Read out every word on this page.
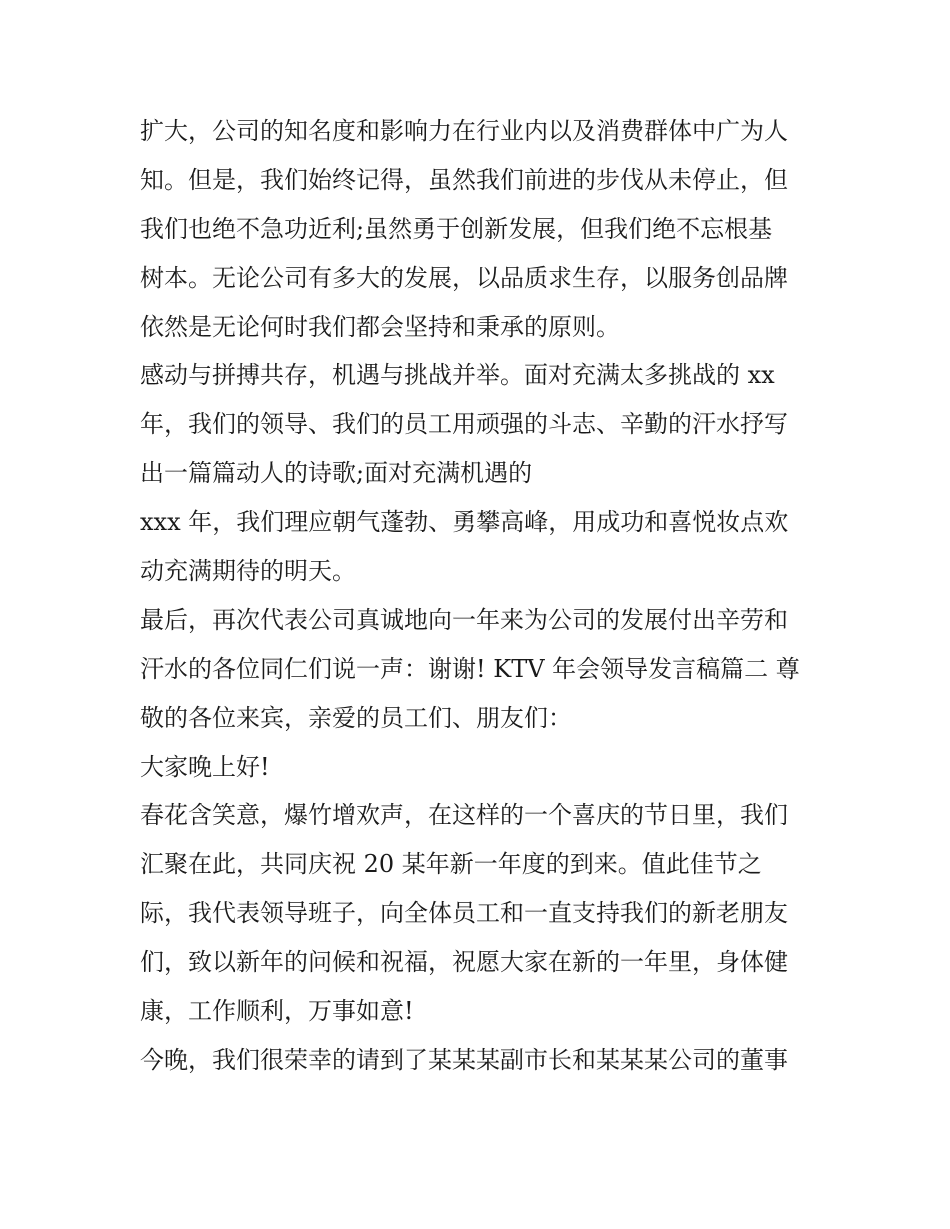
扩大，公司的知名度和影响力在行业内以及消费群体中广为人
知。但是，我们始终记得，虽然我们前进的步伐从未停止，但
我们也绝不急功近利;虽然勇于创新发展，但我们绝不忘根基
树本。无论公司有多大的发展，以品质求生存，以服务创品牌
依然是无论何时我们都会坚持和秉承的原则。
感动与拼搏共存，机遇与挑战并举。面对充满太多挑战的 xx
年，我们的领导、我们的员工用顽强的斗志、辛勤的汗水抒写
出一篇篇动人的诗歌;面对充满机遇的
xxx 年，我们理应朝气蓬勃、勇攀高峰，用成功和喜悦妆点欢
动充满期待的明天。
最后，再次代表公司真诚地向一年来为公司的发展付出辛劳和
汗水的各位同仁们说一声：谢谢! KTV 年会领导发言稿篇二 尊
敬的各位来宾，亲爱的员工们、朋友们：
大家晚上好!
春花含笑意，爆竹增欢声，在这样的一个喜庆的节日里，我们
汇聚在此，共同庆祝 20 某年新一年度的到来。值此佳节之
际，我代表领导班子，向全体员工和一直支持我们的新老朋友
们，致以新年的问候和祝福，祝愿大家在新的一年里，身体健
康，工作顺利，万事如意!
今晚，我们很荣幸的请到了某某某副市长和某某某公司的董事
